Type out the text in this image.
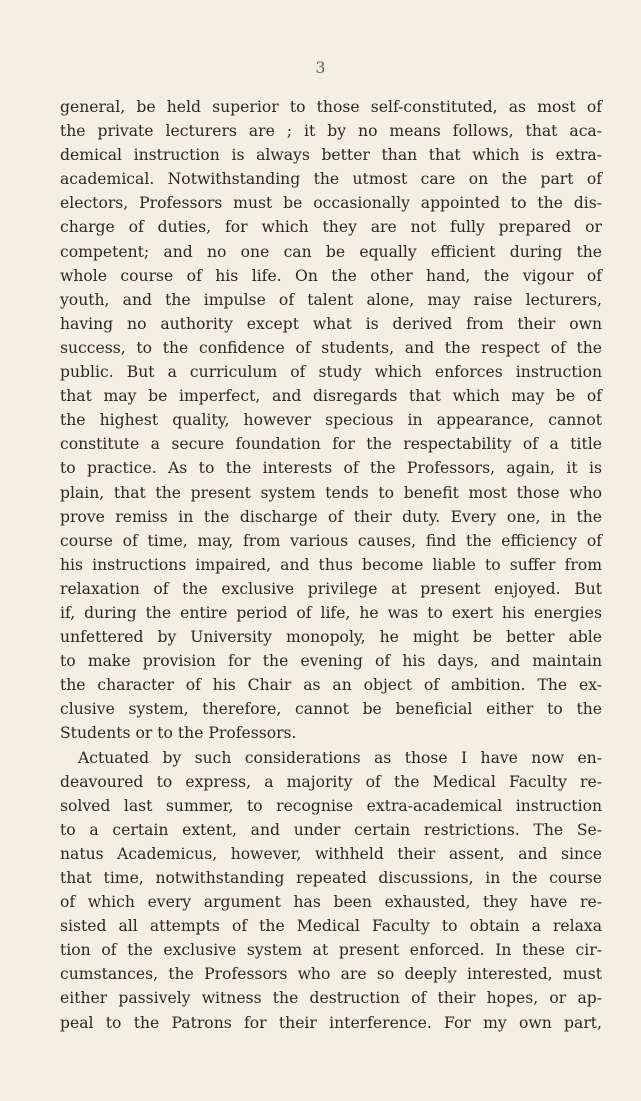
3
general, be held superior to those self-constituted, as most of
the private lecturers are ; it by no means follows, that aca-
demical instruction is always better than that which is extra-
academical. Notwithstanding the utmost care on the part of
electors, Professors must be occasionally appointed to the dis-
charge of duties, for which they are not fully prepared or
competent; and no one can be equally efficient during the
whole course of his life. On the other hand, the vigour of
youth, and the impulse of talent alone, may raise lecturers,
having no authority except what is derived from their own
success, to the confidence of students, and the respect of the
public. But a curriculum of study which enforces instruction
that may be imperfect, and disregards that which may be of
the highest quality, however specious in appearance, cannot
constitute a secure foundation for the respectability of a title
to practice. As to the interests of the Professors, again, it is
plain, that the present system tends to benefit most those who
prove remiss in the discharge of their duty. Every one, in the
course of time, may, from various causes, find the efficiency of
his instructions impaired, and thus become liable to suffer from
relaxation of the exclusive privilege at present enjoyed. But
if, during the entire period of life, he was to exert his energies
unfettered by University monopoly, he might be better able
to make provision for the evening of his days, and maintain
the character of his Chair as an object of ambition. The ex-
clusive system, therefore, cannot be beneficial either to the
Students or to the Professors.
Actuated by such considerations as those I have now en-
deavoured to express, a majority of the Medical Faculty re-
solved last summer, to recognise extra-academical instruction
to a certain extent, and under certain restrictions. The Se-
natus Academicus, however, withheld their assent, and since
that time, notwithstanding repeated discussions, in the course
of which every argument has been exhausted, they have re-
sisted all attempts of the Medical Faculty to obtain a relaxa
tion of the exclusive system at present enforced. In these cir-
cumstances, the Professors who are so deeply interested, must
either passively witness the destruction of their hopes, or ap-
peal to the Patrons for their interference. For my own part,
